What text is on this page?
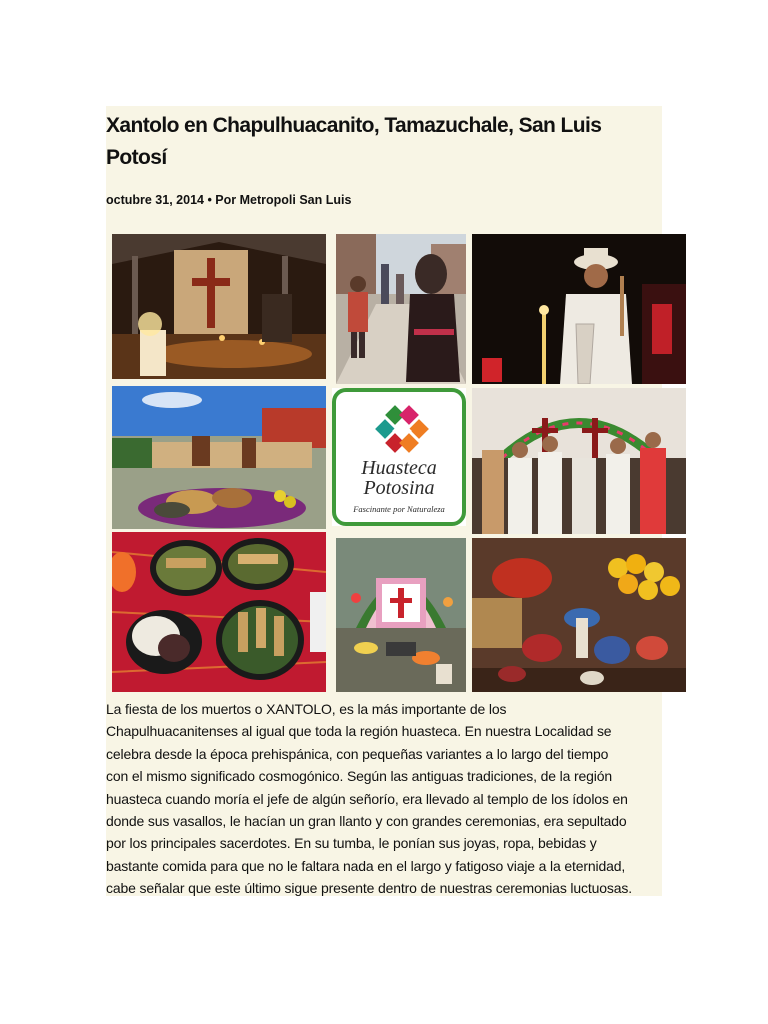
Xantolo en Chapulhuacanito, Tamazuchale, San Luis Potosí
octubre 31, 2014 • Por Metropoli San Luis
Huasteca
Potosina
Fascinante por Naturaleza

La fiesta de los muertos o XANTOLO, es la más importante de los
Chapulhuacanitenses al igual que toda la región huasteca. En nuestra Localidad se
celebra desde la época prehispánica, con pequeñas variantes a lo largo del tiempo
con el mismo significado cosmogónico. Según las antiguas tradiciones, de la región
huasteca cuando moría el jefe de algún señorío, era llevado al templo de los ídolos en
donde sus vasallos, le hacían un gran llanto y con grandes ceremonias, era sepultado
por los principales sacerdotes. En su tumba, le ponían sus joyas, ropa, bebidas y
bastante comida para que no le faltara nada en el largo y fatigoso viaje a la eternidad,
cabe señalar que este último sigue presente dentro de nuestras ceremonias luctuosas.
